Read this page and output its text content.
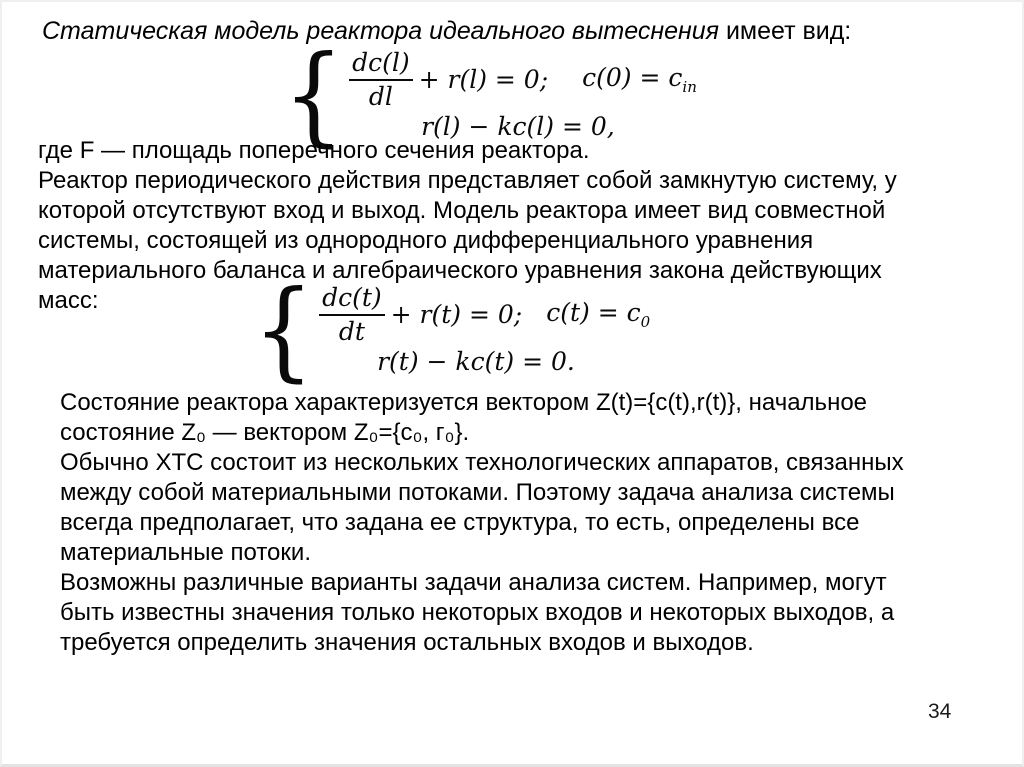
Статическая модель реактора идеального вытеснения имеет вид:
{ $\frac{dc(l)}{dl} + r(l) = 0$; $c(0) = c_{in}$
r(l) − kc(l) = 0,
где F — площадь поперечного сечения реактора.
Реактор периодического действия представляет собой замкнутую систему, у
которой отсутствуют вход и выход. Модель реактора имеет вид совместной
системы, состоящей из однородного дифференциального уравнения
материального баланса и алгебраического уравнения закона действующих
масс:	{ $\frac{dc(t)}{dt} + r(t) = 0$; $c(t) = c_0$
r(t) − kc(t) = 0.
Состояние реактора характеризуется вектором Z(t)={c(t),r(t)}, начальное
состояние Z₀ — вектором Z₀={c₀, г₀}.
Обычно ХТС состоит из нескольких технологических аппаратов, связанных
между собой материальными потоками. Поэтому задача анализа системы
всегда предполагает, что задана ее структура, то есть, определены все
материальные потоки.
Возможны различные варианты задачи анализа систем. Например, могут
быть известны значения только некоторых входов и некоторых выходов, а
требуется определить значения остальных входов и выходов.
34
